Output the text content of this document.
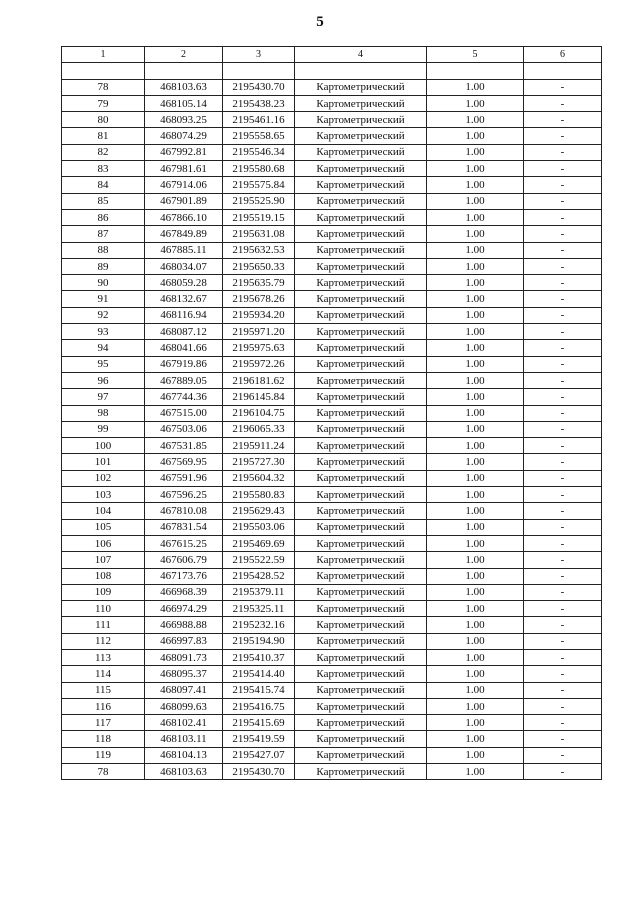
5
1	2	3	4	5	6

78	468103.63	2195430.70	Картометрический	1.00	-
79	468105.14	2195438.23	Картометрический	1.00	-
80	468093.25	2195461.16	Картометрический	1.00	-
81	468074.29	2195558.65	Картометрический	1.00	-
82	467992.81	2195546.34	Картометрический	1.00	-
83	467981.61	2195580.68	Картометрический	1.00	-
84	467914.06	2195575.84	Картометрический	1.00	-
85	467901.89	2195525.90	Картометрический	1.00	-
86	467866.10	2195519.15	Картометрический	1.00	-
87	467849.89	2195631.08	Картометрический	1.00	-
88	467885.11	2195632.53	Картометрический	1.00	-
89	468034.07	2195650.33	Картометрический	1.00	-
90	468059.28	2195635.79	Картометрический	1.00	-
91	468132.67	2195678.26	Картометрический	1.00	-
92	468116.94	2195934.20	Картометрический	1.00	-
93	468087.12	2195971.20	Картометрический	1.00	-
94	468041.66	2195975.63	Картометрический	1.00	-
95	467919.86	2195972.26	Картометрический	1.00	-
96	467889.05	2196181.62	Картометрический	1.00	-
97	467744.36	2196145.84	Картометрический	1.00	-
98	467515.00	2196104.75	Картометрический	1.00	-
99	467503.06	2196065.33	Картометрический	1.00	-
100	467531.85	2195911.24	Картометрический	1.00	-
101	467569.95	2195727.30	Картометрический	1.00	-
102	467591.96	2195604.32	Картометрический	1.00	-
103	467596.25	2195580.83	Картометрический	1.00	-
104	467810.08	2195629.43	Картометрический	1.00	-
105	467831.54	2195503.06	Картометрический	1.00	-
106	467615.25	2195469.69	Картометрический	1.00	-
107	467606.79	2195522.59	Картометрический	1.00	-
108	467173.76	2195428.52	Картометрический	1.00	-
109	466968.39	2195379.11	Картометрический	1.00	-
110	466974.29	2195325.11	Картометрический	1.00	-
111	466988.88	2195232.16	Картометрический	1.00	-
112	466997.83	2195194.90	Картометрический	1.00	-
113	468091.73	2195410.37	Картометрический	1.00	-
114	468095.37	2195414.40	Картометрический	1.00	-
115	468097.41	2195415.74	Картометрический	1.00	-
116	468099.63	2195416.75	Картометрический	1.00	-
117	468102.41	2195415.69	Картометрический	1.00	-
118	468103.11	2195419.59	Картометрический	1.00	-
119	468104.13	2195427.07	Картометрический	1.00	-
78	468103.63	2195430.70	Картометрический	1.00	-
